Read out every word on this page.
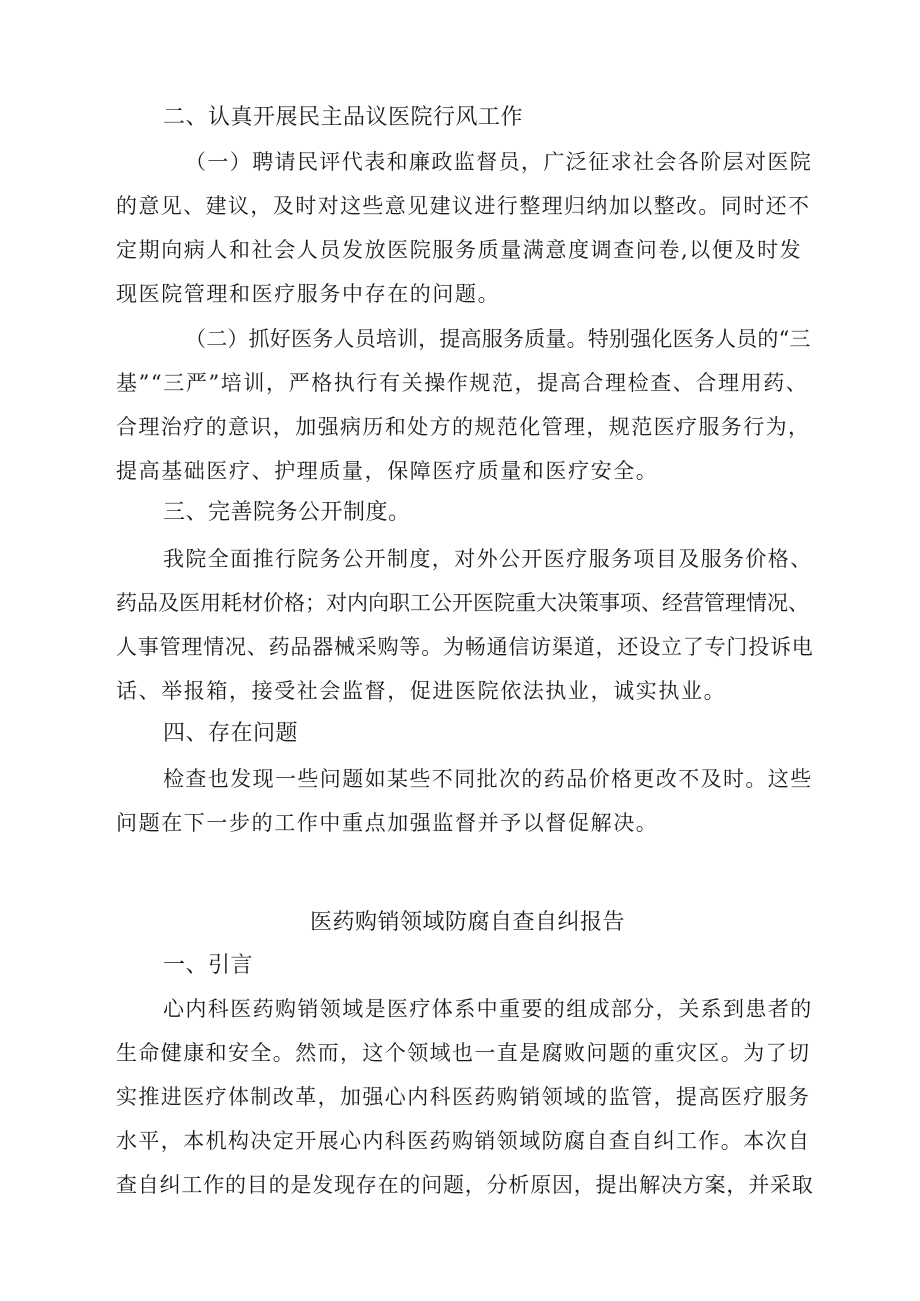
二、认真开展民主品议医院行风工作
（一）聘请民评代表和廉政监督员，广泛征求社会各阶层对医院
的意见、建议，及时对这些意见建议进行整理归纳加以整改。同时还不
定期向病人和社会人员发放医院服务质量满意度调查问卷,以便及时发
现医院管理和医疗服务中存在的问题。
（二）抓好医务人员培训，提高服务质量。特别强化医务人员的“三
基”“三严”培训，严格执行有关操作规范，提高合理检查、合理用药、
合理治疗的意识，加强病历和处方的规范化管理，规范医疗服务行为，
提高基础医疗、护理质量，保障医疗质量和医疗安全。
三、完善院务公开制度。
我院全面推行院务公开制度，对外公开医疗服务项目及服务价格、
药品及医用耗材价格；对内向职工公开医院重大决策事项、经营管理情况、
人事管理情况、药品器械采购等。为畅通信访渠道，还设立了专门投诉电
话、举报箱，接受社会监督，促进医院依法执业，诚实执业。
四、存在问题
检查也发现一些问题如某些不同批次的药品价格更改不及时。这些
问题在下一步的工作中重点加强监督并予以督促解决。
医药购销领域防腐自查自纠报告
一、引言
心内科医药购销领域是医疗体系中重要的组成部分，关系到患者的
生命健康和安全。然而，这个领域也一直是腐败问题的重灾区。为了切
实推进医疗体制改革，加强心内科医药购销领域的监管，提高医疗服务
水平，本机构决定开展心内科医药购销领域防腐自查自纠工作。本次自
查自纠工作的目的是发现存在的问题，分析原因，提出解决方案，并采取
